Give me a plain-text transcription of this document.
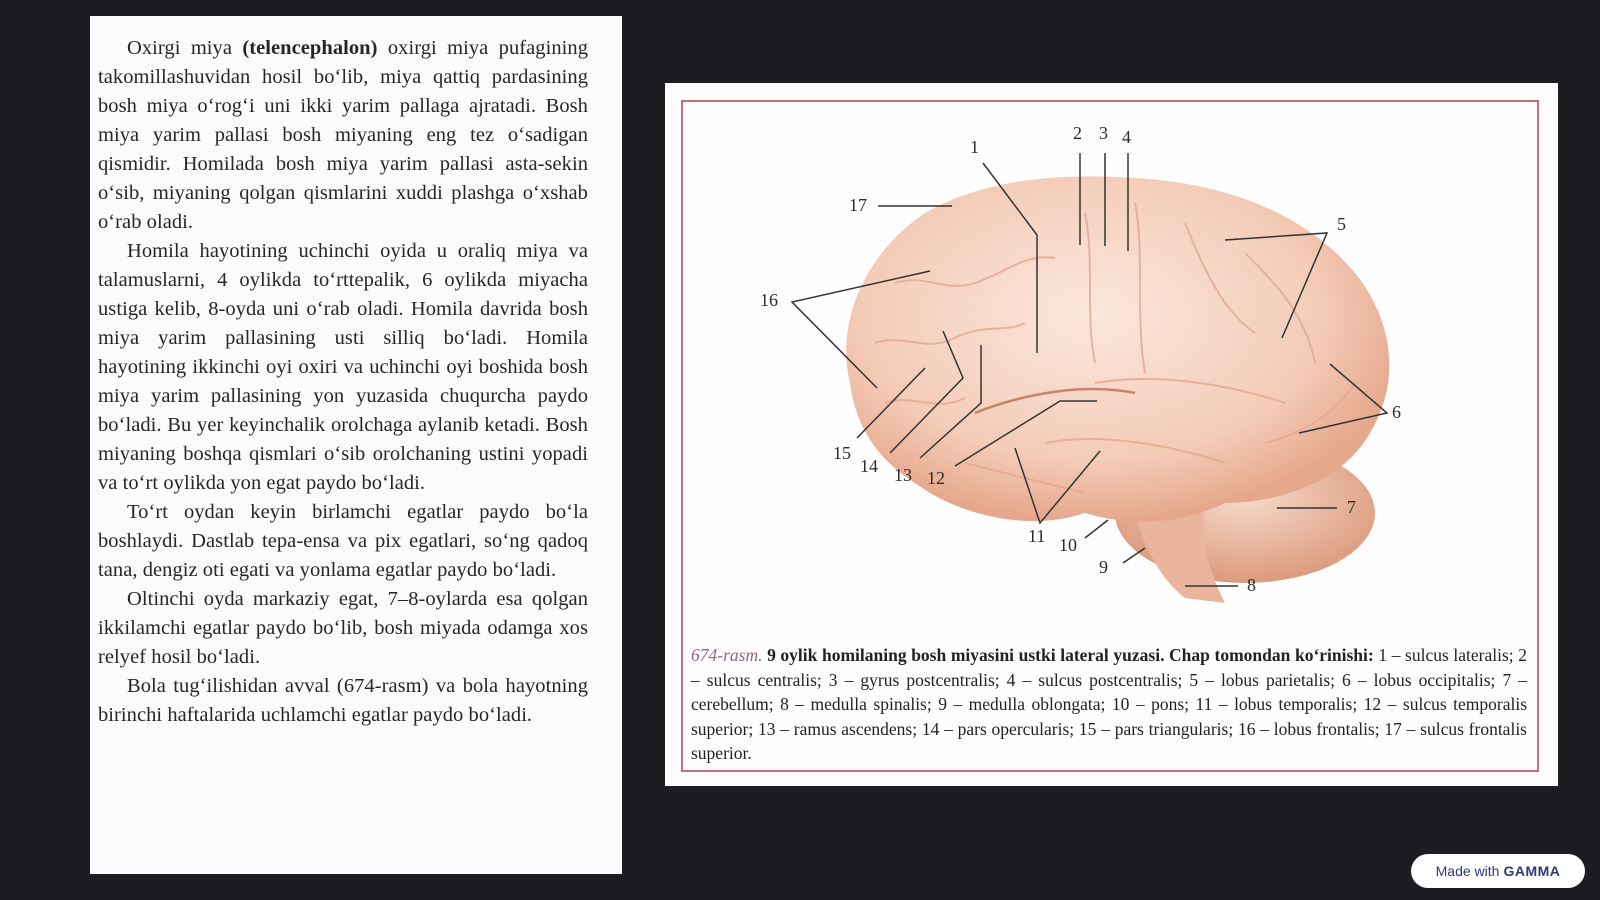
Oxirgi miya (telencephalon) oxirgi miya pufagining takomillashuvidan hosil bo‘lib, miya qattiq pardasining bosh miya o‘rog‘i uni ikki yarim pallaga ajratadi. Bosh miya yarim pallasi bosh miyaning eng tez o‘sadigan qismidir. Homilada bosh miya yarim pallasi asta-sekin o‘sib, miyaning qolgan qismlarini xuddi plashga o‘xshab o‘rab oladi.

Homila hayotining uchinchi oyida u oraliq miya va talamuslarni, 4 oylikda to‘rttepalik, 6 oylikda miyacha ustiga kelib, 8-oyda uni o‘rab oladi. Homila davrida bosh miya yarim pallasining usti silliq bo‘ladi. Homila hayotining ikkinchi oyi oxiri va uchinchi oyi boshida bosh miya yarim pallasining yon yuzasida chuqurcha paydo bo‘ladi. Bu yer keyinchalik orolchaga aylanib ketadi. Bosh miyaning boshqa qismlari o‘sib orolchaning ustini yopadi va to‘rt oylikda yon egat paydo bo‘ladi.

To‘rt oydan keyin birlamchi egatlar paydo bo‘la boshlaydi. Dastlab tepa-ensa va pix egatlari, so‘ng qadoq tana, dengiz oti egati va yonlama egatlar paydo bo‘ladi.

Oltinchi oyda markaziy egat, 7–8-oylarda esa qolgan ikkilamchi egatlar paydo bo‘lib, bosh miyada odamga xos relyef hosil bo‘ladi.

Bola tug‘ilishidan avval (674-rasm) va bola hayotning birinchi haftalarida uchlamchi egatlar paydo bo‘ladi.

1
2 3 4
5
6
7
8
9
10
11
12
13
14
15
16
17
674-rasm. 9 oylik homilaning bosh miyasini ustki lateral yuzasi. Chap tomondan ko‘rinishi: 1 – sulcus lateralis; 2 – sulcus centralis; 3 – gyrus postcentralis; 4 – sulcus postcentralis; 5 – lobus parietalis; 6 – lobus occipitalis; 7 – cerebellum; 8 – medulla spinalis; 9 – medulla oblongata; 10 – pons; 11 – lobus temporalis; 12 – sulcus temporalis superior; 13 – ramus ascendens; 14 – pars opercularis; 15 – pars triangularis; 16 – lobus frontalis; 17 – sulcus frontalis superior.
Made with GAMMA
